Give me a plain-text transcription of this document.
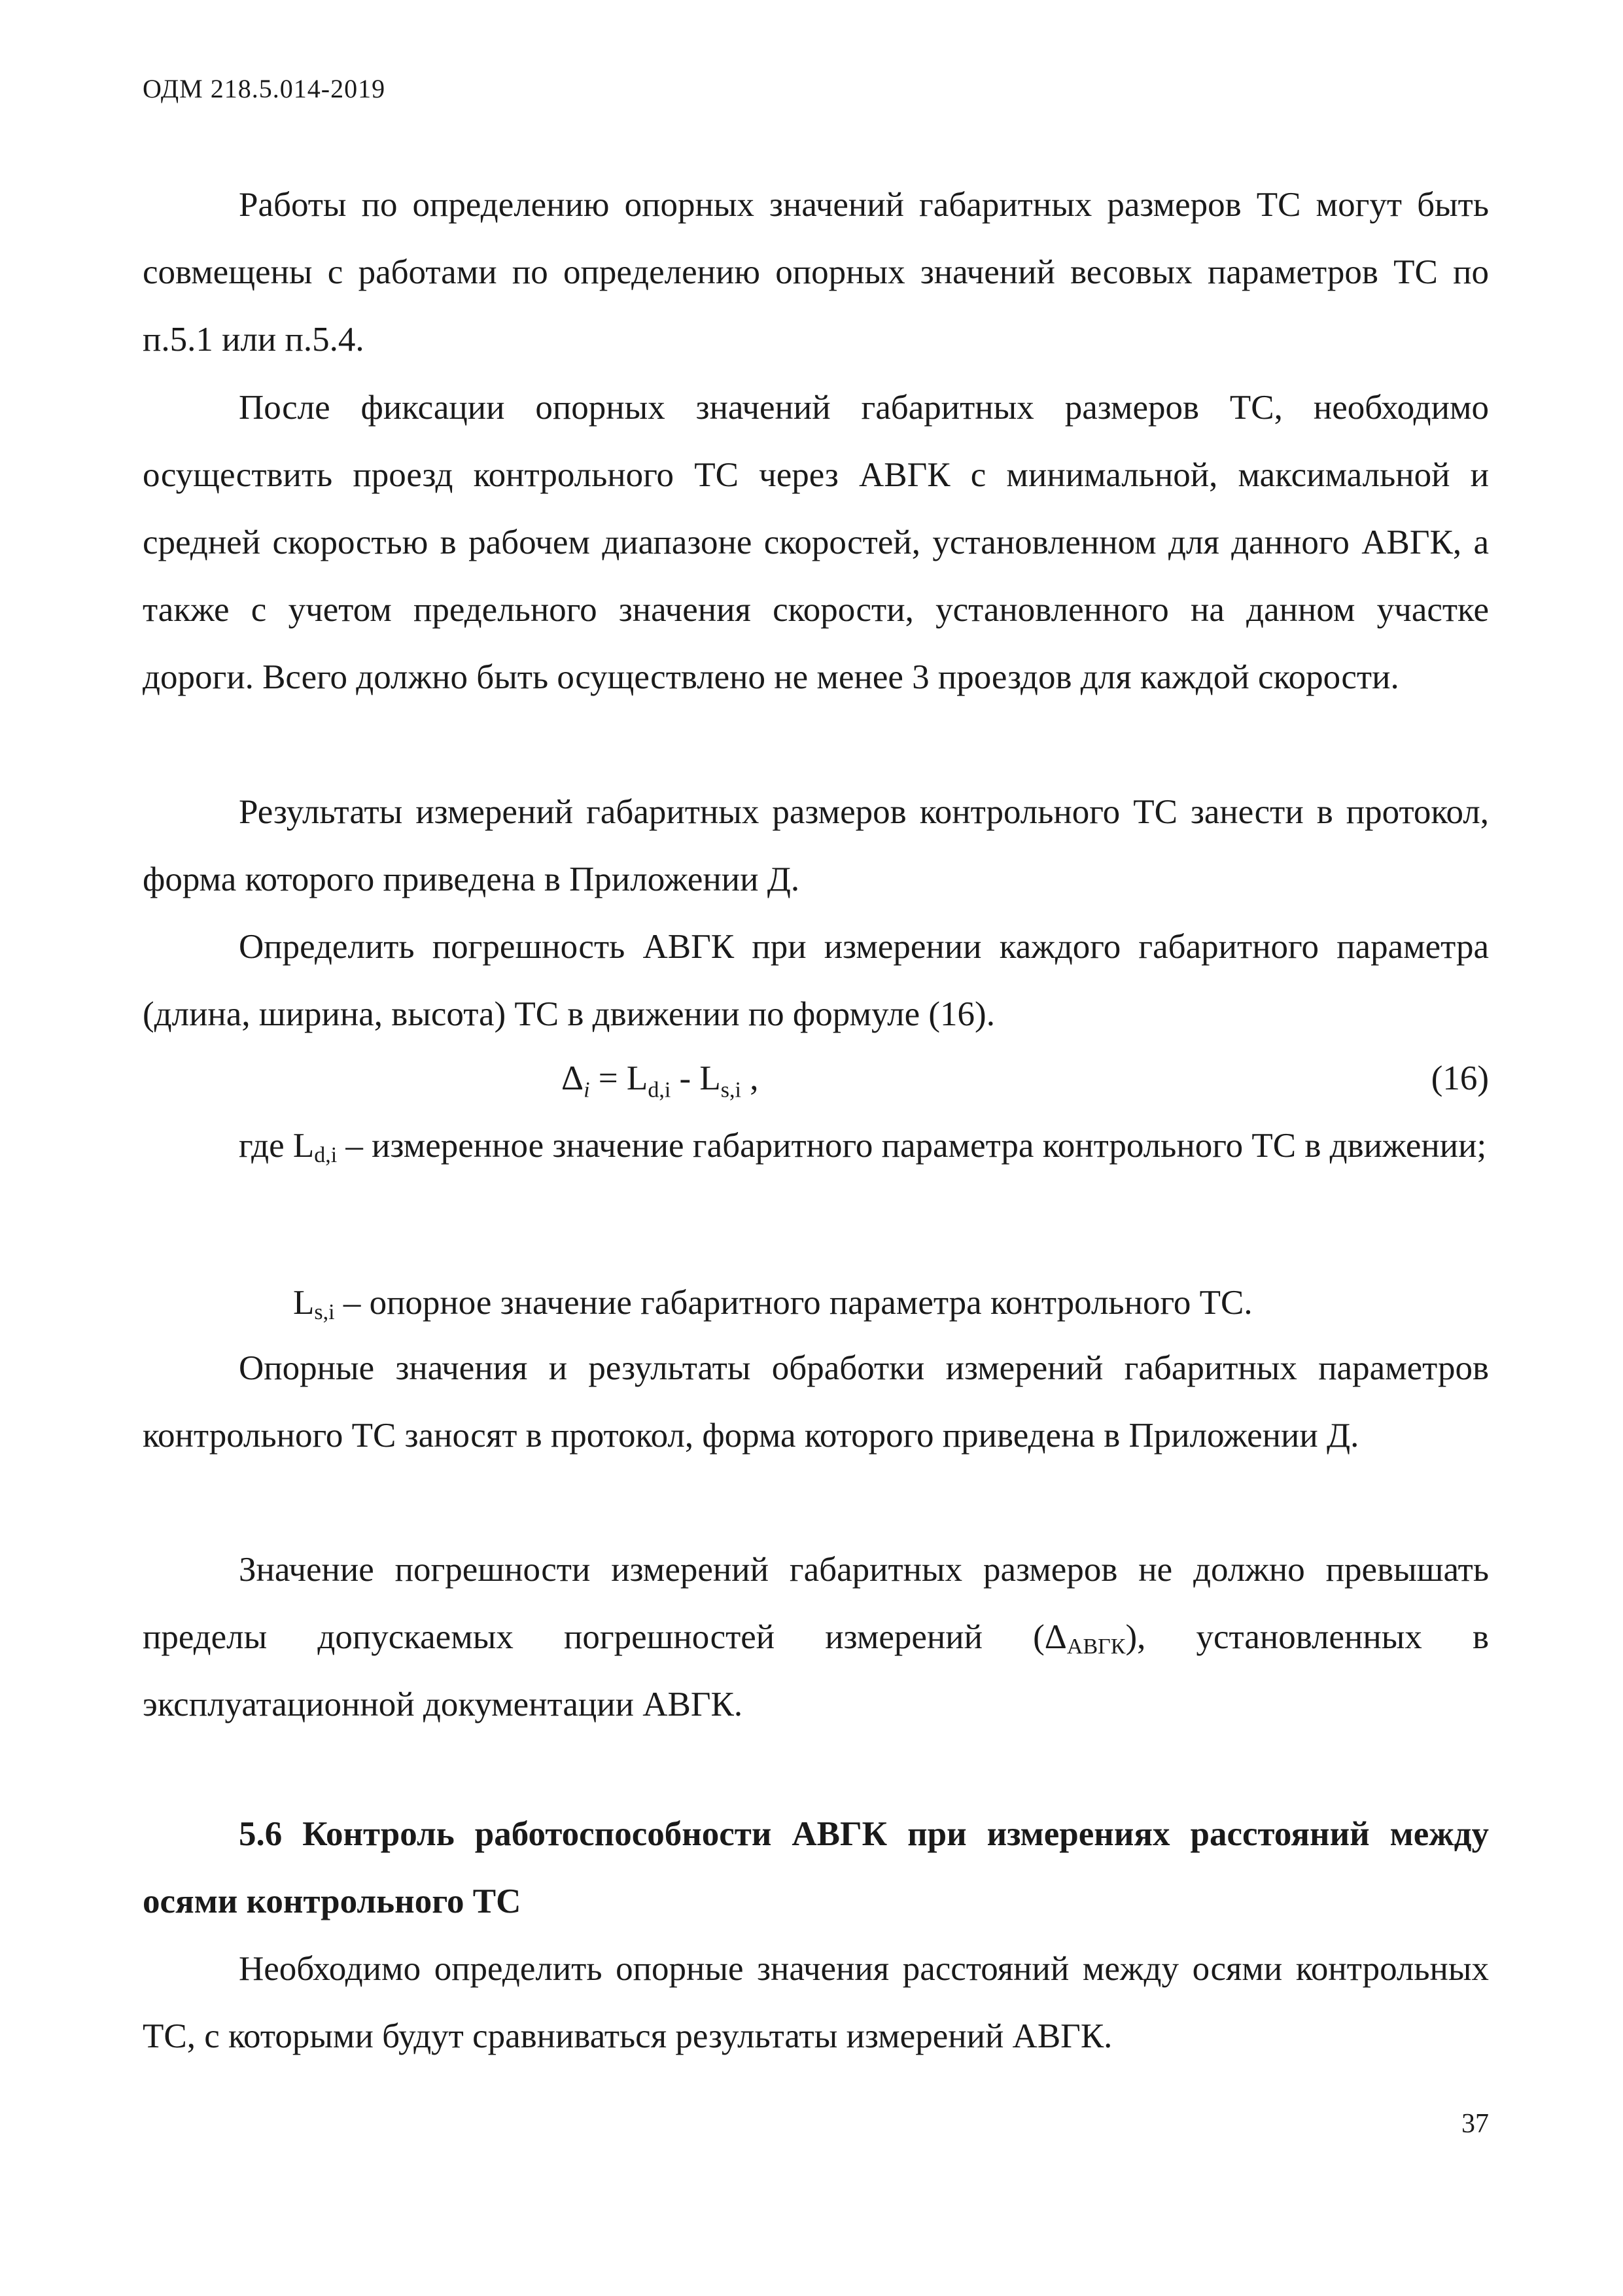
ОДМ 218.5.014-2019

Работы по определению опорных значений габаритных размеров ТС могут быть совмещены с работами по определению опорных значений весовых параметров ТС по п.5.1 или п.5.4.

После фиксации опорных значений габаритных размеров ТС, необходимо осуществить проезд контрольного ТС через АВГК с минимальной, максимальной и средней скоростью в рабочем диапазоне скоростей, установленном для данного АВГК, а также с учетом предельного значения скорости, установленного на данном участке дороги. Всего должно быть осуществлено не менее 3 проездов для каждой скорости.

Результаты измерений габаритных размеров контрольного ТС занести в протокол, форма которого приведена в Приложении Д.

Определить погрешность АВГК при измерении каждого габаритного параметра (длина, ширина, высота) ТС в движении по формуле (16).

$\Delta_i = L_{d,i} - L_{s,i}$ ,	(16)

где $L_{d,i}$ – измеренное значение габаритного параметра контрольного ТС в движении;

$L_{s,i}$ – опорное значение габаритного параметра контрольного ТС.

Опорные значения и результаты обработки измерений габаритных параметров контрольного ТС заносят в протокол, форма которого приведена в Приложении Д.

Значение погрешности измерений габаритных размеров не должно превышать пределы допускаемых погрешностей измерений $(\Delta_{АВГК})$, установленных в эксплуатационной документации АВГК.

5.6 Контроль работоспособности АВГК при измерениях расстояний между осями контрольного ТС

Необходимо определить опорные значения расстояний между осями контрольных ТС, с которыми будут сравниваться результаты измерений АВГК.

37
